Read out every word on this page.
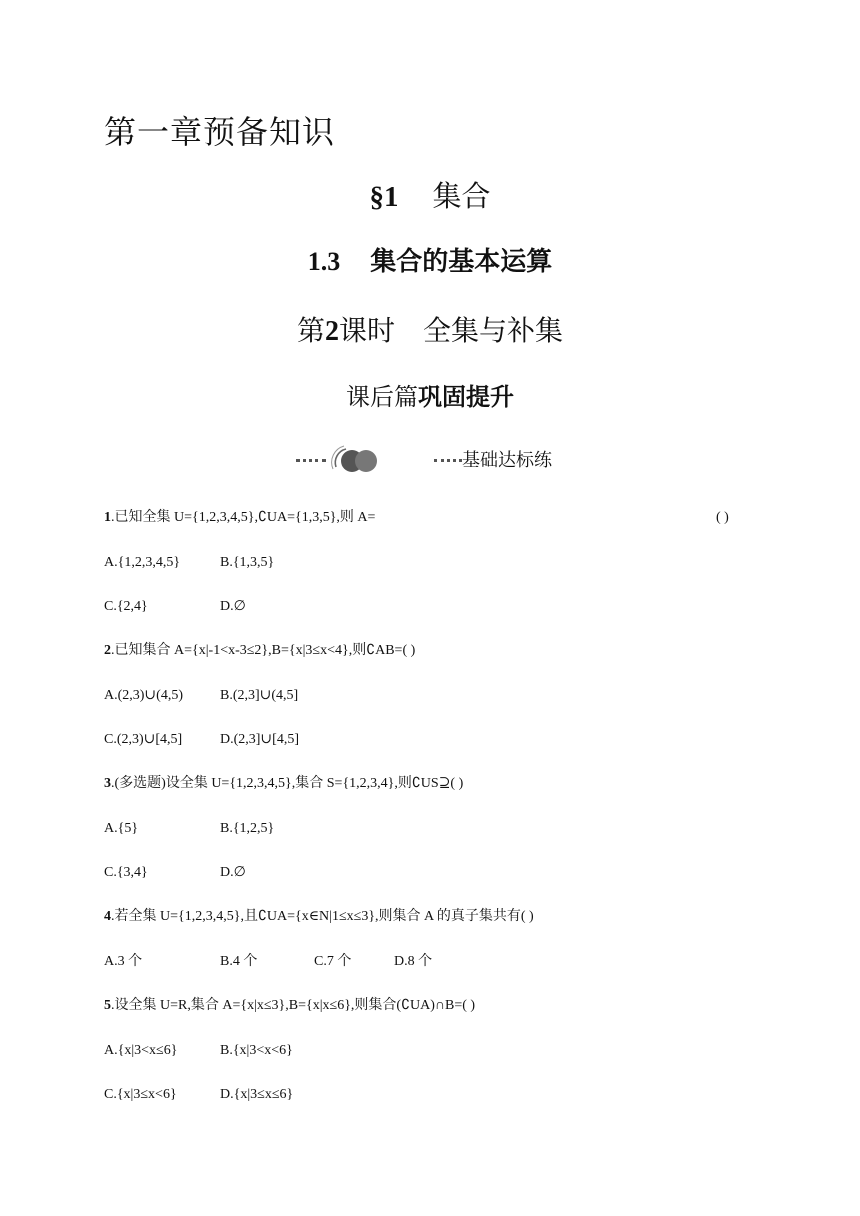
第一章预备知识
§1 集合
1.3 集合的基本运算
第2课时 全集与补集
课后篇巩固提升
基础达标练
1.已知全集 U={1,2,3,4,5},∁UA={1,3,5},则 A=	( )
A.{1,2,3,4,5}	B.{1,3,5}
C.{2,4}	D.∅
2.已知集合 A={x|-1<x-3≤2},B={x|3≤x<4},则∁AB=( )
A.(2,3)∪(4,5)	B.(2,3]∪(4,5]
C.(2,3)∪[4,5]	D.(2,3]∪[4,5]
3.(多选题)设全集 U={1,2,3,4,5},集合 S={1,2,3,4},则∁US⊇( )
A.{5}	B.{1,2,5}
C.{3,4}	D.∅
4.若全集 U={1,2,3,4,5},且∁UA={x∈N|1≤x≤3},则集合 A 的真子集共有( )
A.3 个	B.4 个	C.7 个	D.8 个
5.设全集 U=R,集合 A={x|x≤3},B={x|x≤6},则集合(∁UA)∩B=( )
A.{x|3<x≤6}	B.{x|3<x<6}
C.{x|3≤x<6}	D.{x|3≤x≤6}
